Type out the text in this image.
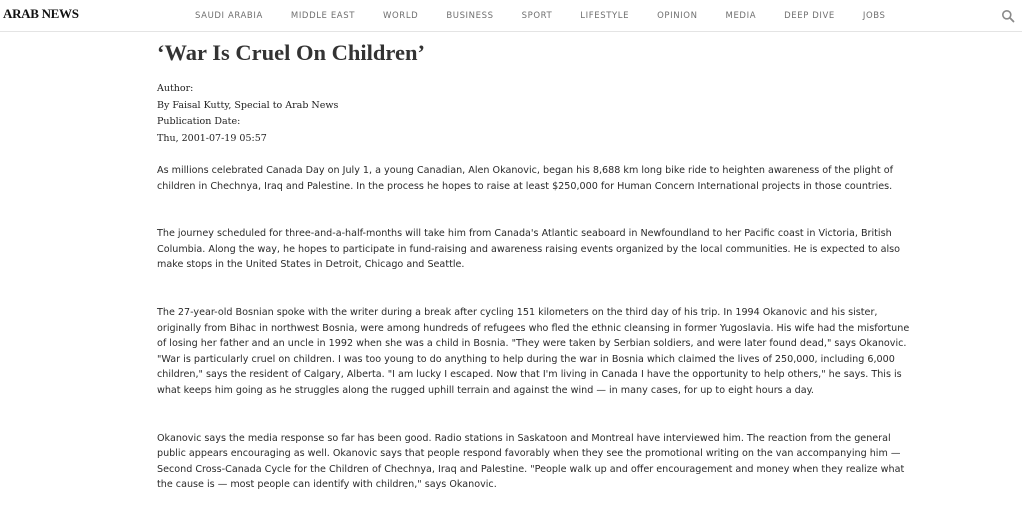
ARAB NEWS	SAUDI ARABIA	MIDDLE EAST	WORLD	BUSINESS	SPORT	LIFESTYLE	OPINION	MEDIA	DEEP DIVE	JOBS
‘War Is Cruel On Children’
Author:
By Faisal Kutty, Special to Arab News
Publication Date:
Thu, 2001-07-19 05:57

As millions celebrated Canada Day on July 1, a young Canadian, Alen Okanovic, began his 8,688 km long bike ride to heighten awareness of the plight of children in Chechnya, Iraq and Palestine. In the process he hopes to raise at least $250,000 for Human Concern International projects in those countries.

The journey scheduled for three-and-a-half-months will take him from Canada's Atlantic seaboard in Newfoundland to her Pacific coast in Victoria, British Columbia. Along the way, he hopes to participate in fund-raising and awareness raising events organized by the local communities. He is expected to also make stops in the United States in Detroit, Chicago and Seattle.

The 27-year-old Bosnian spoke with the writer during a break after cycling 151 kilometers on the third day of his trip. In 1994 Okanovic and his sister, originally from Bihac in northwest Bosnia, were among hundreds of refugees who fled the ethnic cleansing in former Yugoslavia. His wife had the misfortune of losing her father and an uncle in 1992 when she was a child in Bosnia. "They were taken by Serbian soldiers, and were later found dead," says Okanovic. "War is particularly cruel on children. I was too young to do anything to help during the war in Bosnia which claimed the lives of 250,000, including 6,000 children," says the resident of Calgary, Alberta. "I am lucky I escaped. Now that I'm living in Canada I have the opportunity to help others," he says. This is what keeps him going as he struggles along the rugged uphill terrain and against the wind — in many cases, for up to eight hours a day.

Okanovic says the media response so far has been good. Radio stations in Saskatoon and Montreal have interviewed him. The reaction from the general public appears encouraging as well. Okanovic says that people respond favorably when they see the promotional writing on the van accompanying him — Second Cross-Canada Cycle for the Children of Chechnya, Iraq and Palestine. "People walk up and offer encouragement and money when they realize what the cause is — most people can identify with children," says Okanovic.
